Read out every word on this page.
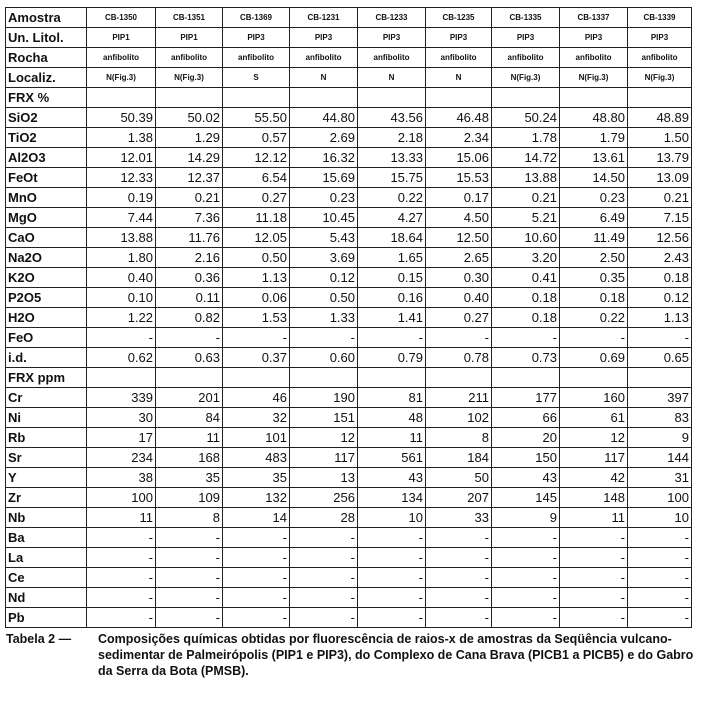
Amostra	CB-1350	CB-1351	CB-1369	CB-1231	CB-1233	CB-1235	CB-1335	CB-1337	CB-1339
Un. Litol.	PIP1	PIP1	PIP3	PIP3	PIP3	PIP3	PIP3	PIP3	PIP3
Rocha	anfibolito	anfibolito	anfibolito	anfibolito	anfibolito	anfibolito	anfibolito	anfibolito	anfibolito
Localiz.	N(Fig.3)	N(Fig.3)	S	N	N	N	N(Fig.3)	N(Fig.3)	N(Fig.3)
FRX %									
SiO2	50.39	50.02	55.50	44.80	43.56	46.48	50.24	48.80	48.89
TiO2	1.38	1.29	0.57	2.69	2.18	2.34	1.78	1.79	1.50
Al2O3	12.01	14.29	12.12	16.32	13.33	15.06	14.72	13.61	13.79
FeOt	12.33	12.37	6.54	15.69	15.75	15.53	13.88	14.50	13.09
MnO	0.19	0.21	0.27	0.23	0.22	0.17	0.21	0.23	0.21
MgO	7.44	7.36	11.18	10.45	4.27	4.50	5.21	6.49	7.15
CaO	13.88	11.76	12.05	5.43	18.64	12.50	10.60	11.49	12.56
Na2O	1.80	2.16	0.50	3.69	1.65	2.65	3.20	2.50	2.43
K2O	0.40	0.36	1.13	0.12	0.15	0.30	0.41	0.35	0.18
P2O5	0.10	0.11	0.06	0.50	0.16	0.40	0.18	0.18	0.12
H2O	1.22	0.82	1.53	1.33	1.41	0.27	0.18	0.22	1.13
FeO	-	-	-	-	-	-	-	-	-
i.d.	0.62	0.63	0.37	0.60	0.79	0.78	0.73	0.69	0.65
FRX ppm									
Cr	339	201	46	190	81	211	177	160	397
Ni	30	84	32	151	48	102	66	61	83
Rb	17	11	101	12	11	8	20	12	9
Sr	234	168	483	117	561	184	150	117	144
Y	38	35	35	13	43	50	43	42	31
Zr	100	109	132	256	134	207	145	148	100
Nb	11	8	14	28	10	33	9	11	10
Ba	-	-	-	-	-	-	-	-	-
La	-	-	-	-	-	-	-	-	-
Ce	-	-	-	-	-	-	-	-	-
Nd	-	-	-	-	-	-	-	-	-
Pb	-	-	-	-	-	-	-	-	-
Tabela 2 — Composições químicas obtidas por fluorescência de raios-x de amostras da Seqüência vulcano-sedimentar de Palmeirópolis (PIP1 e PIP3), do Complexo de Cana Brava (PICB1 a PICB5) e do Gabro da Serra da Bota (PMSB).
